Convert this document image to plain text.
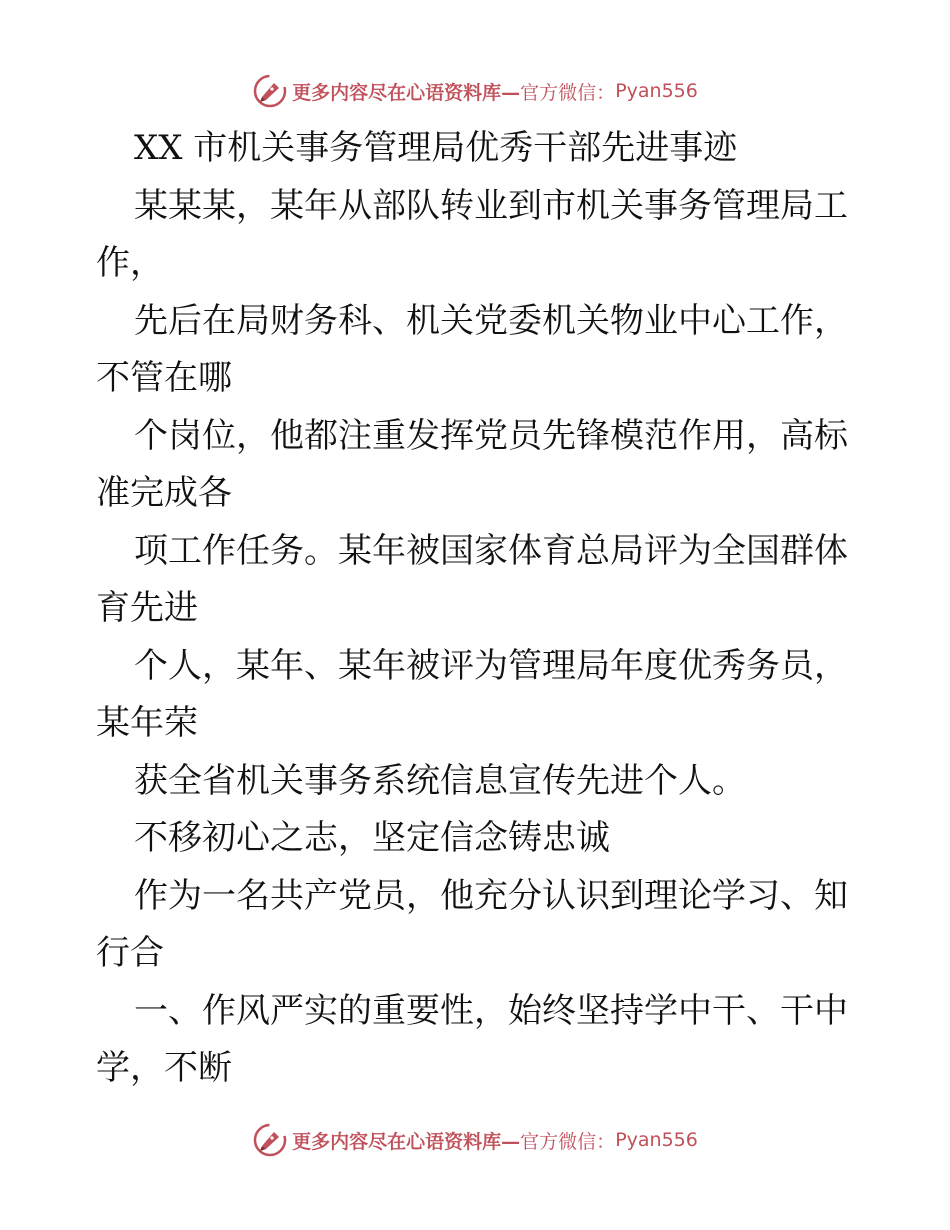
更多内容尽在心语资料库— 官方微信： Pyan556
XX 市机关事务管理局优秀干部先进事迹
某某某，某年从部队转业到市机关事务管理局工
作，
先后在局财务科、机关党委机关物业中心工作，
不管在哪
个岗位，他都注重发挥党员先锋模范作用，高标
准完成各
项工作任务。某年被国家体育总局评为全国群体
育先进
个人，某年、某年被评为管理局年度优秀务员，
某年荣
获全省机关事务系统信息宣传先进个人。
不移初心之志，坚定信念铸忠诚
作为一名共产党员，他充分认识到理论学习、知
行合
一、作风严实的重要性，始终坚持学中干、干中
学，不断
更多内容尽在心语资料库— 官方微信： Pyan556
